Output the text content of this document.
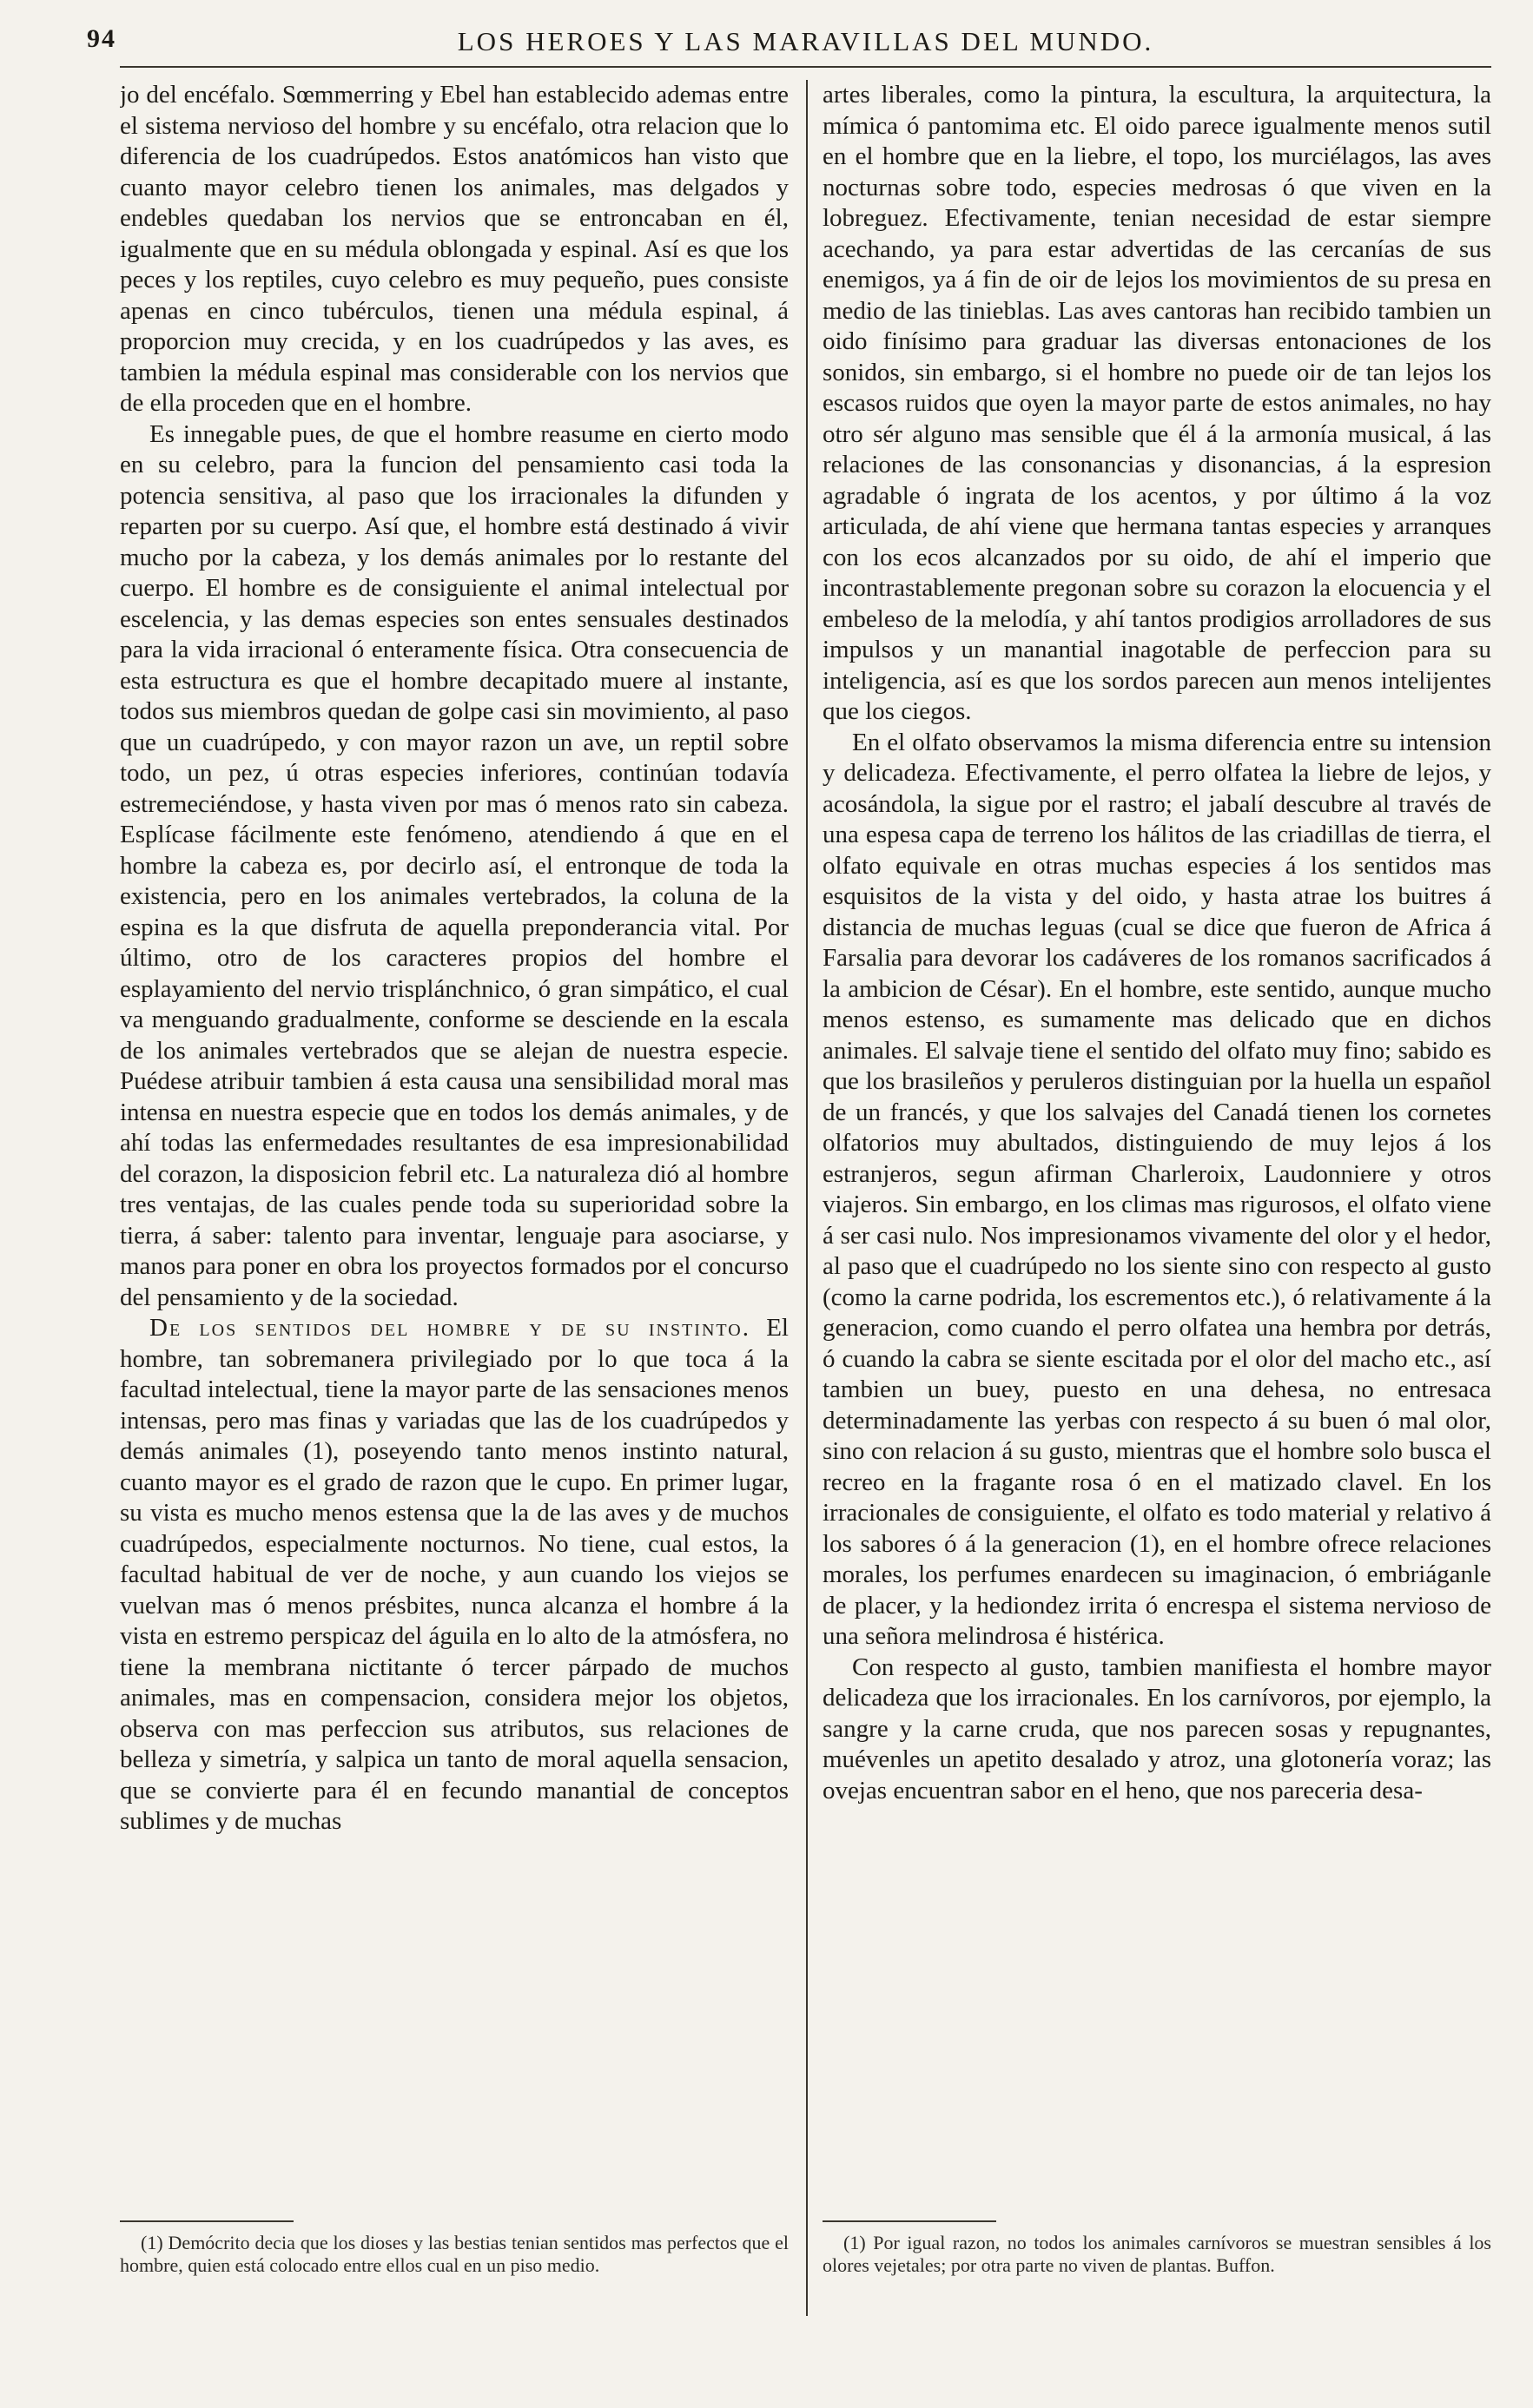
94	LOS HEROES Y LAS MARAVILLAS DEL MUNDO.

jo del encéfalo. Sœmmerring y Ebel han establecido ademas entre el sistema nervioso del hombre y su encéfalo, otra relacion que lo diferencia de los cuadrúpedos. Estos anatómicos han visto que cuanto mayor celebro tienen los animales, mas delgados y endebles quedaban los nervios que se entroncaban en él, igualmente que en su médula oblongada y espinal. Así es que los peces y los reptiles, cuyo celebro es muy pequeño, pues consiste apenas en cinco tubérculos, tienen una médula espinal, á proporcion muy crecida, y en los cuadrúpedos y las aves, es tambien la médula espinal mas considerable con los nervios que de ella proceden que en el hombre.

Es innegable pues, de que el hombre reasume en cierto modo en su celebro, para la funcion del pensamiento casi toda la potencia sensitiva, al paso que los irracionales la difunden y reparten por su cuerpo. Así que, el hombre está destinado á vivir mucho por la cabeza, y los demás animales por lo restante del cuerpo. El hombre es de consiguiente el animal intelectual por escelencia, y las demas especies son entes sensuales destinados para la vida irracional ó enteramente física. Otra consecuencia de esta estructura es que el hombre decapitado muere al instante, todos sus miembros quedan de golpe casi sin movimiento, al paso que un cuadrúpedo, y con mayor razon un ave, un reptil sobre todo, un pez, ú otras especies inferiores, continúan todavía estremeciéndose, y hasta viven por mas ó menos rato sin cabeza. Esplícase fácilmente este fenómeno, atendiendo á que en el hombre la cabeza es, por decirlo así, el entronque de toda la existencia, pero en los animales vertebrados, la coluna de la espina es la que disfruta de aquella preponderancia vital. Por último, otro de los caracteres propios del hombre el esplayamiento del nervio trisplánchnico, ó gran simpático, el cual va menguando gradualmente, conforme se desciende en la escala de los animales vertebrados que se alejan de nuestra especie. Puédese atribuir tambien á esta causa una sensibilidad moral mas intensa en nuestra especie que en todos los demás animales, y de ahí todas las enfermedades resultantes de esa impresionabilidad del corazon, la disposicion febril etc. La naturaleza dió al hombre tres ventajas, de las cuales pende toda su superioridad sobre la tierra, á saber: talento para inventar, lenguaje para asociarse, y manos para poner en obra los proyectos formados por el concurso del pensamiento y de la sociedad.

De los sentidos del hombre y de su instinto. El hombre, tan sobremanera privilegiado por lo que toca á la facultad intelectual, tiene la mayor parte de las sensaciones menos intensas, pero mas finas y variadas que las de los cuadrúpedos y demás animales (1), poseyendo tanto menos instinto natural, cuanto mayor es el grado de razon que le cupo. En primer lugar, su vista es mucho menos estensa que la de las aves y de muchos cuadrúpedos, especialmente nocturnos. No tiene, cual estos, la facultad habitual de ver de noche, y aun cuando los viejos se vuelvan mas ó menos présbites, nunca alcanza el hombre á la vista en estremo perspicaz del águila en lo alto de la atmósfera, no tiene la membrana nictitante ó tercer párpado de muchos animales, mas en compensacion, considera mejor los objetos, observa con mas perfeccion sus atributos, sus relaciones de belleza y simetría, y salpica un tanto de moral aquella sensacion, que se convierte para él en fecundo manantial de conceptos sublimes y de muchas

(1) Demócrito decia que los dioses y las bestias tenian sentidos mas perfectos que el hombre, quien está colocado entre ellos cual en un piso medio.

artes liberales, como la pintura, la escultura, la arquitectura, la mímica ó pantomima etc. El oido parece igualmente menos sutil en el hombre que en la liebre, el topo, los murciélagos, las aves nocturnas sobre todo, especies medrosas ó que viven en la lobreguez. Efectivamente, tenian necesidad de estar siempre acechando, ya para estar advertidas de las cercanías de sus enemigos, ya á fin de oir de lejos los movimientos de su presa en medio de las tinieblas. Las aves cantoras han recibido tambien un oido finísimo para graduar las diversas entonaciones de los sonidos, sin embargo, si el hombre no puede oir de tan lejos los escasos ruidos que oyen la mayor parte de estos animales, no hay otro sér alguno mas sensible que él á la armonía musical, á las relaciones de las consonancias y disonancias, á la espresion agradable ó ingrata de los acentos, y por último á la voz articulada, de ahí viene que hermana tantas especies y arranques con los ecos alcanzados por su oido, de ahí el imperio que incontrastablemente pregonan sobre su corazon la elocuencia y el embeleso de la melodía, y ahí tantos prodigios arrolladores de sus impulsos y un manantial inagotable de perfeccion para su inteligencia, así es que los sordos parecen aun menos intelijentes que los ciegos.

En el olfato observamos la misma diferencia entre su intension y delicadeza. Efectivamente, el perro olfatea la liebre de lejos, y acosándola, la sigue por el rastro; el jabalí descubre al través de una espesa capa de terreno los hálitos de las criadillas de tierra, el olfato equivale en otras muchas especies á los sentidos mas esquisitos de la vista y del oido, y hasta atrae los buitres á distancia de muchas leguas (cual se dice que fueron de Africa á Farsalia para devorar los cadáveres de los romanos sacrificados á la ambicion de César). En el hombre, este sentido, aunque mucho menos estenso, es sumamente mas delicado que en dichos animales. El salvaje tiene el sentido del olfato muy fino; sabido es que los brasileños y peruleros distinguian por la huella un español de un francés, y que los salvajes del Canadá tienen los cornetes olfatorios muy abultados, distinguiendo de muy lejos á los estranjeros, segun afirman Charleroix, Laudonniere y otros viajeros. Sin embargo, en los climas mas rigurosos, el olfato viene á ser casi nulo. Nos impresionamos vivamente del olor y el hedor, al paso que el cuadrúpedo no los siente sino con respecto al gusto (como la carne podrida, los escrementos etc.), ó relativamente á la generacion, como cuando el perro olfatea una hembra por detrás, ó cuando la cabra se siente escitada por el olor del macho etc., así tambien un buey, puesto en una dehesa, no entresaca determinadamente las yerbas con respecto á su buen ó mal olor, sino con relacion á su gusto, mientras que el hombre solo busca el recreo en la fragante rosa ó en el matizado clavel. En los irracionales de consiguiente, el olfato es todo material y relativo á los sabores ó á la generacion (1), en el hombre ofrece relaciones morales, los perfumes enardecen su imaginacion, ó embriáganle de placer, y la hediondez irrita ó encrespa el sistema nervioso de una señora melindrosa é histérica.

Con respecto al gusto, tambien manifiesta el hombre mayor delicadeza que los irracionales. En los carnívoros, por ejemplo, la sangre y la carne cruda, que nos parecen sosas y repugnantes, muévenles un apetito desalado y atroz, una glotonería voraz; las ovejas encuentran sabor en el heno, que nos pareceria desa-

(1) Por igual razon, no todos los animales carnívoros se muestran sensibles á los olores vejetales; por otra parte no viven de plantas. Buffon.
